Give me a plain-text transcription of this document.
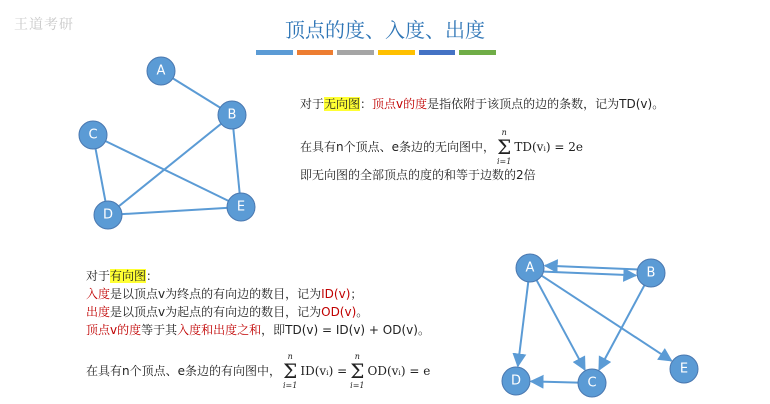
王道考研	顶点的度、入度、出度
A
B
C
D
E
A	B
C
D
E
对于无向图：顶点v的度是指依附于该顶点的边的条数，记为TD(v)。
在具有n个顶点、e条边的无向图中，
n
Σ
i=1
TD(vᵢ) = 2e
即无向图的全部顶点的度的和等于边数的2倍
对于有向图：
入度是以顶点v为终点的有向边的数目，记为ID(v)；
出度是以顶点v为起点的有向边的数目，记为OD(v)。
顶点v的度等于其入度和出度之和，即TD(v) = ID(v) + OD(v)。
在具有n个顶点、e条边的有向图中，
n
Σ
i=1
ID(vᵢ) =
n
Σ
i=1
OD(vᵢ) = e
